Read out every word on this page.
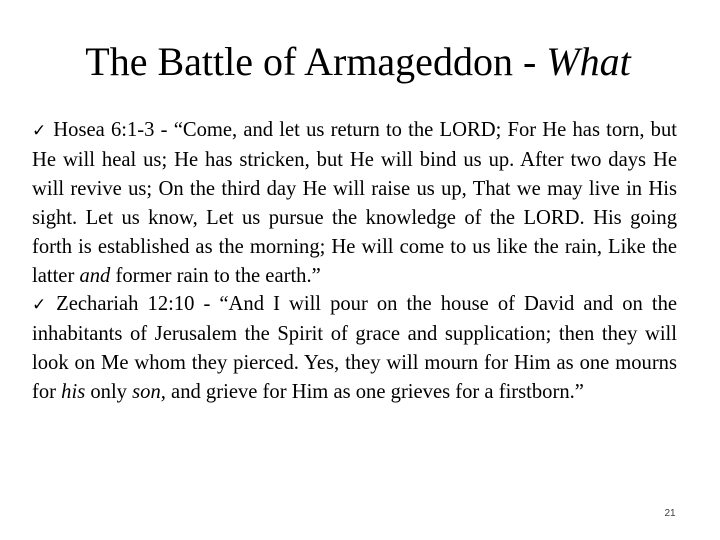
The Battle of Armageddon - What

✓ Hosea 6:1-3 - “Come, and let us return to the LORD; For He has torn, but He will heal us; He has stricken, but He will bind us up. After two days He will revive us; On the third day He will raise us up, That we may live in His sight. Let us know, Let us pursue the knowledge of the LORD. His going forth is established as the morning; He will come to us like the rain, Like the latter and former rain to the earth.”

✓ Zechariah 12:10 - “And I will pour on the house of David and on the inhabitants of Jerusalem the Spirit of grace and supplication; then they will look on Me whom they pierced. Yes, they will mourn for Him as one mourns for his only son, and grieve for Him as one grieves for a firstborn.”

21
